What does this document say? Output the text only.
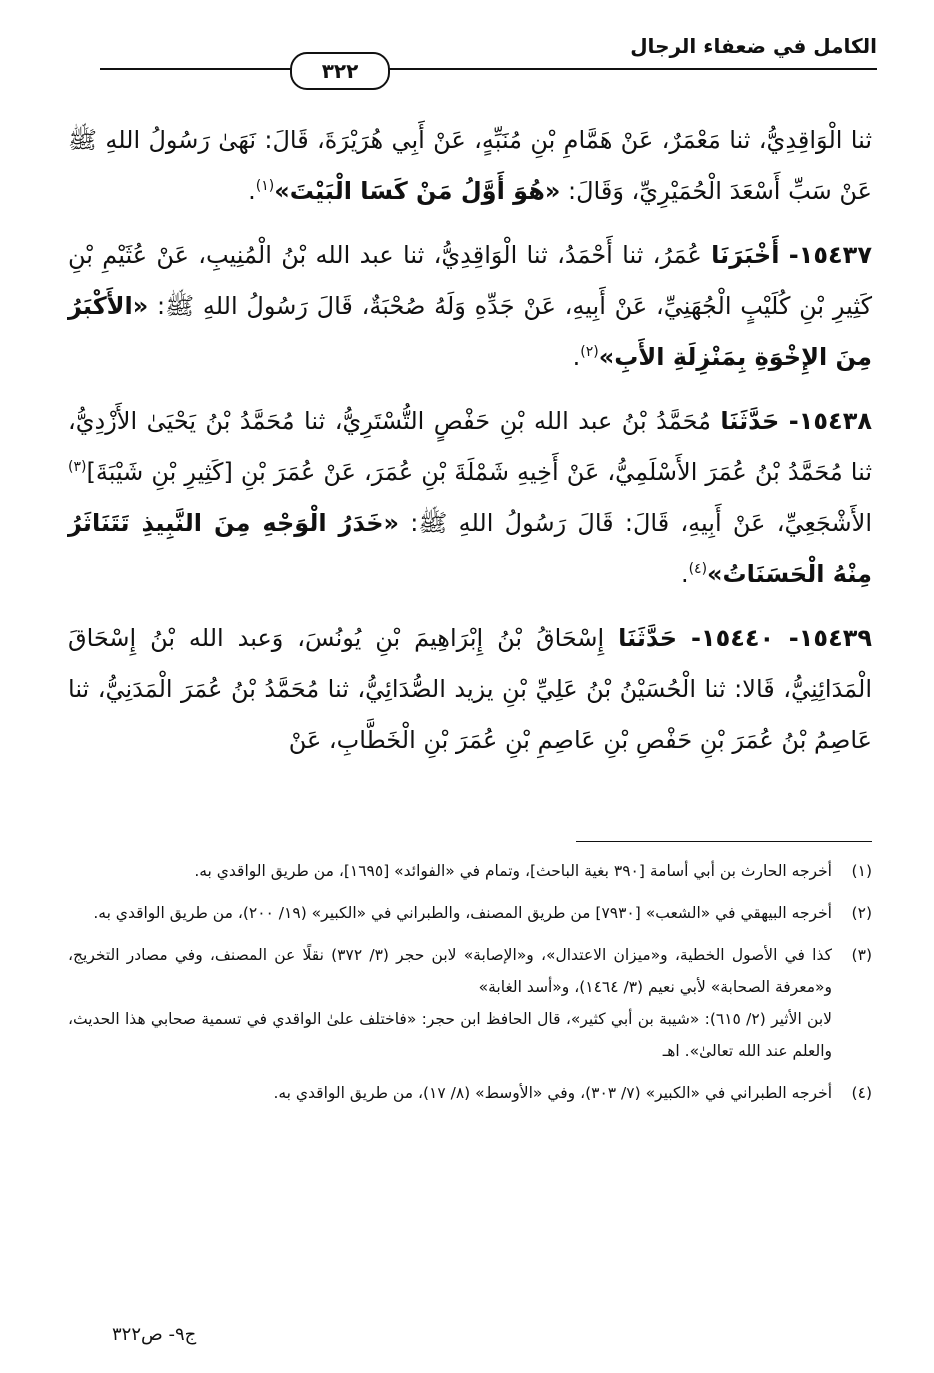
الكامل في ضعفاء الرجال
٣٢٢

ثنا الْوَاقِدِيُّ، ثنا مَعْمَرٌ، عَنْ هَمَّامِ بْنِ مُنَبِّهٍ، عَنْ أَبِي هُرَيْرَةَ، قَالَ: نَهَىٰ رَسُولُ اللهِ ﷺ عَنْ سَبِّ أَسْعَدَ الْحُمَيْرِيِّ، وَقَالَ: «هُوَ أَوَّلُ مَنْ كَسَا الْبَيْتَ»$^{(١)}$.

١٥٤٣٧- أَخْبَرَنَا عُمَرُ، ثنا أَحْمَدُ، ثنا الْوَاقِدِيُّ، ثنا عبد الله بْنُ الْمُنِيبِ، عَنْ عُثَيْمِ بْنِ كَثِيرِ بْنِ كُلَيْبٍ الْجُهَنِيِّ، عَنْ أَبِيهِ، عَنْ جَدِّهِ وَلَهُ صُحْبَةٌ، قَالَ رَسُولُ اللهِ ﷺ: «الأَكْبَرُ مِنَ الإِخْوَةِ بِمَنْزِلَةِ الأَبِ»$^{(٢)}$.

١٥٤٣٨- حَدَّثَنَا مُحَمَّدُ بْنُ عبد الله بْنِ حَفْصٍ التُّسْتَرِيُّ، ثنا مُحَمَّدُ بْنُ يَحْيَىٰ الأَزْدِيُّ، ثنا مُحَمَّدُ بْنُ عُمَرَ الأَسْلَمِيُّ، عَنْ أَخِيهِ شَمْلَةَ بْنِ عُمَرَ، عَنْ عُمَرَ بْنِ [كَثِيرِ بْنِ شَيْبَةَ]$^{(٣)}$ الأَشْجَعِيِّ، عَنْ أَبِيهِ، قَالَ: قَالَ رَسُولُ اللهِ ﷺ: «خَدَرُ الْوَجْهِ مِنَ النَّبِيذِ تَتَنَاثَرُ مِنْهُ الْحَسَنَاتُ»$^{(٤)}$.

١٥٤٣٩- ١٥٤٤٠- حَدَّثَنَا إِسْحَاقُ بْنُ إِبْرَاهِيمَ بْنِ يُونُسَ، وَعبد الله بْنُ إِسْحَاقَ الْمَدَائِنِيُّ، قَالا: ثنا الْحُسَيْنُ بْنُ عَلِيِّ بْنِ يزيد الصُّدَائِيُّ، ثنا مُحَمَّدُ بْنُ عُمَرَ الْمَدَنِيُّ، ثنا عَاصِمُ بْنُ عُمَرَ بْنِ حَفْصِ بْنِ عَاصِمِ بْنِ عُمَرَ بْنِ الْخَطَّابِ، عَنْ

(١)
أخرجه الحارث بن أبي أسامة [٣٩٠ بغية الباحث]، وتمام في «الفوائد» [١٦٩٥]، من طريق الواقدي به.
(٢)
أخرجه البيهقي في «الشعب» [٧٩٣٠] من طريق المصنف، والطبراني في «الكبير» (١٩/ ٢٠٠)، من طريق الواقدي به.
(٣)
كذا في الأصول الخطية، و«ميزان الاعتدال»، و«الإصابة» لابن حجر (٣/ ٣٧٢) نقلًا عن المصنف، وفي مصادر التخريج، و«معرفة الصحابة» لأبي نعيم (٣/ ١٤٦٤)، و«أسد الغابة»
لابن الأثير (٢/ ٦١٥): «شيبة بن أبي كثير»، قال الحافظ ابن حجر: «فاختلف علىٰ الواقدي في تسمية صحابي هذا الحديث، والعلم عند الله تعالىٰ». اهـ
(٤)
أخرجه الطبراني في «الكبير» (٧/ ٣٠٣)، وفي «الأوسط» (٨/ ١٧)، من طريق الواقدي به.
ج٩- ص٣٢٢
